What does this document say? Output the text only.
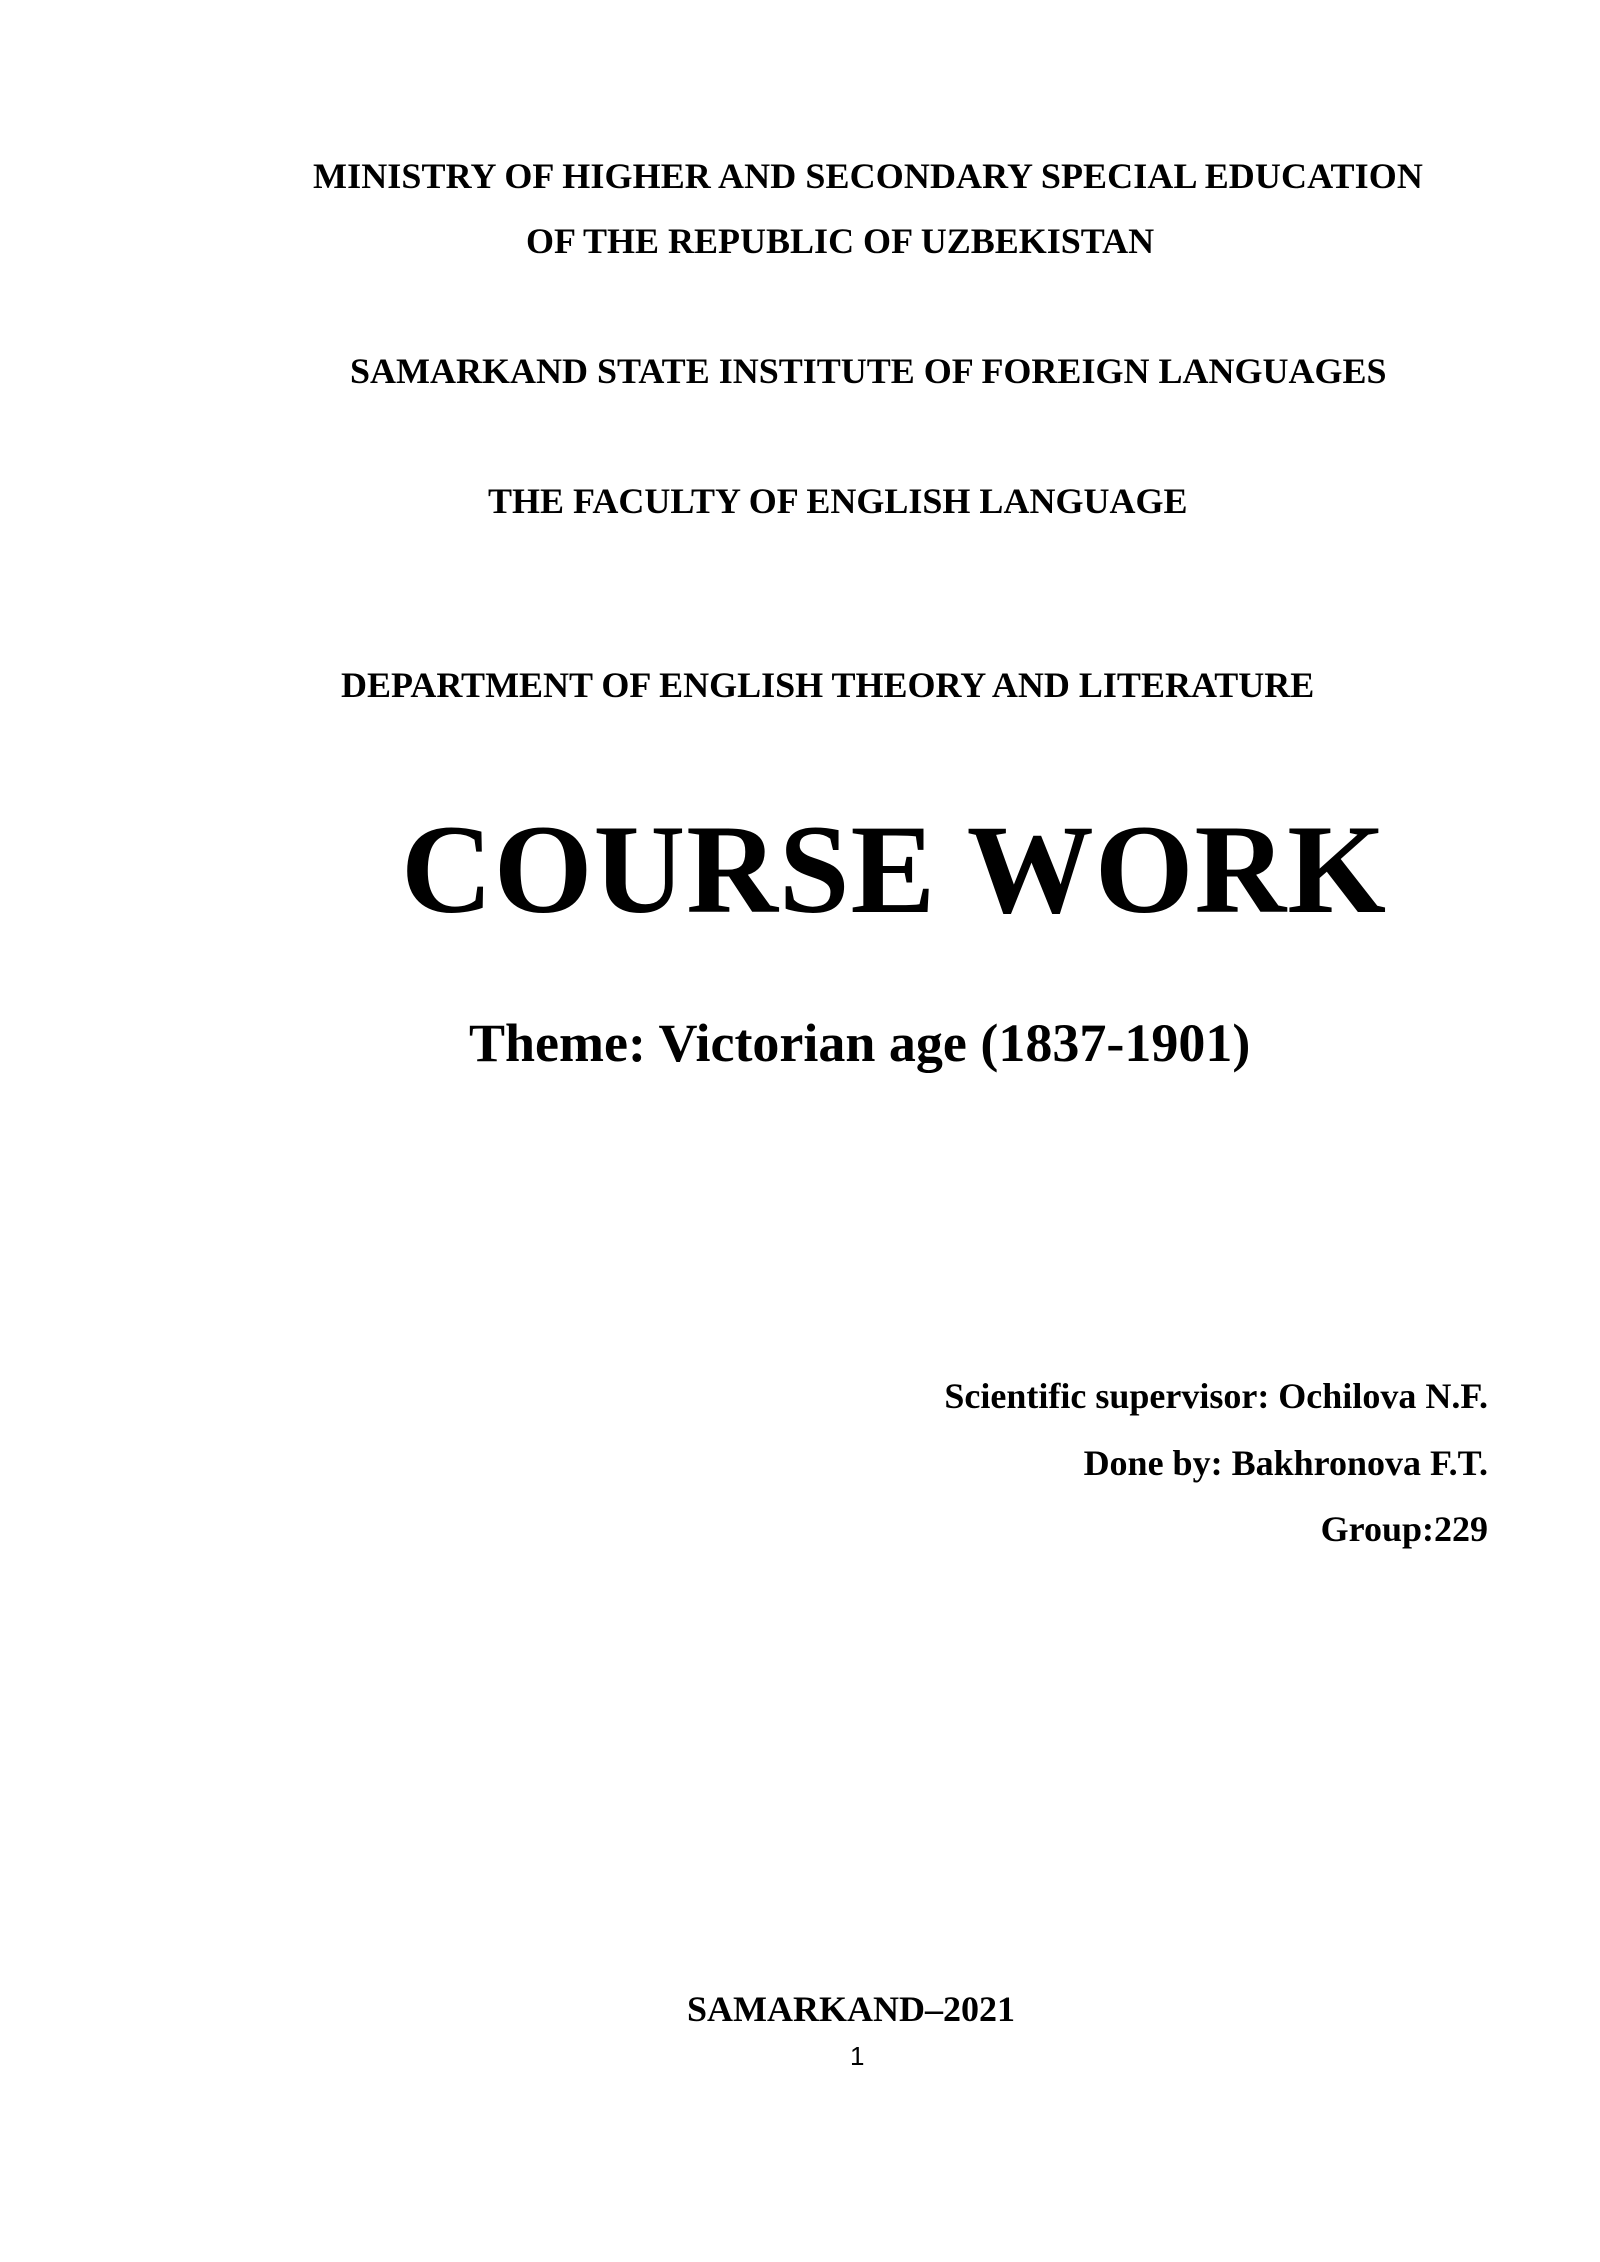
MINISTRY OF HIGHER AND SECONDARY SPECIAL EDUCATION
OF THE REPUBLIC OF UZBEKISTAN
SAMARKAND STATE INSTITUTE OF FOREIGN LANGUAGES
THE FACULTY OF ENGLISH LANGUAGE
DEPARTMENT OF ENGLISH THEORY AND LITERATURE
COURSE WORK
Theme: Victorian age (1837-1901)
Scientific supervisor: Ochilova N.F.
Done by: Bakhronova F.T.
Group:229
SAMARKAND–2021
1
